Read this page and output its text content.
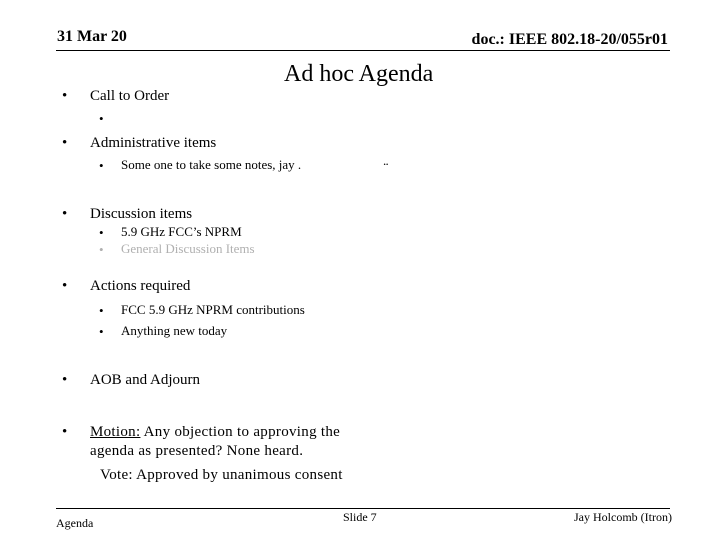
31 Mar 20	doc.: IEEE 802.18-20/055r01
Ad hoc Agenda
• Call to Order
•
• Administrative items
• Some one to take some notes, jay .	. .
• Discussion items
• 5.9 GHz FCC’s NPRM
• General Discussion Items
• Actions required
• FCC 5.9 GHz NPRM contributions
• Anything new today
• AOB and Adjourn
• Motion: Any objection to approving the
agenda as presented? None heard.
Vote: Approved by unanimous consent
Agenda	Slide 7	Jay Holcomb (Itron)
